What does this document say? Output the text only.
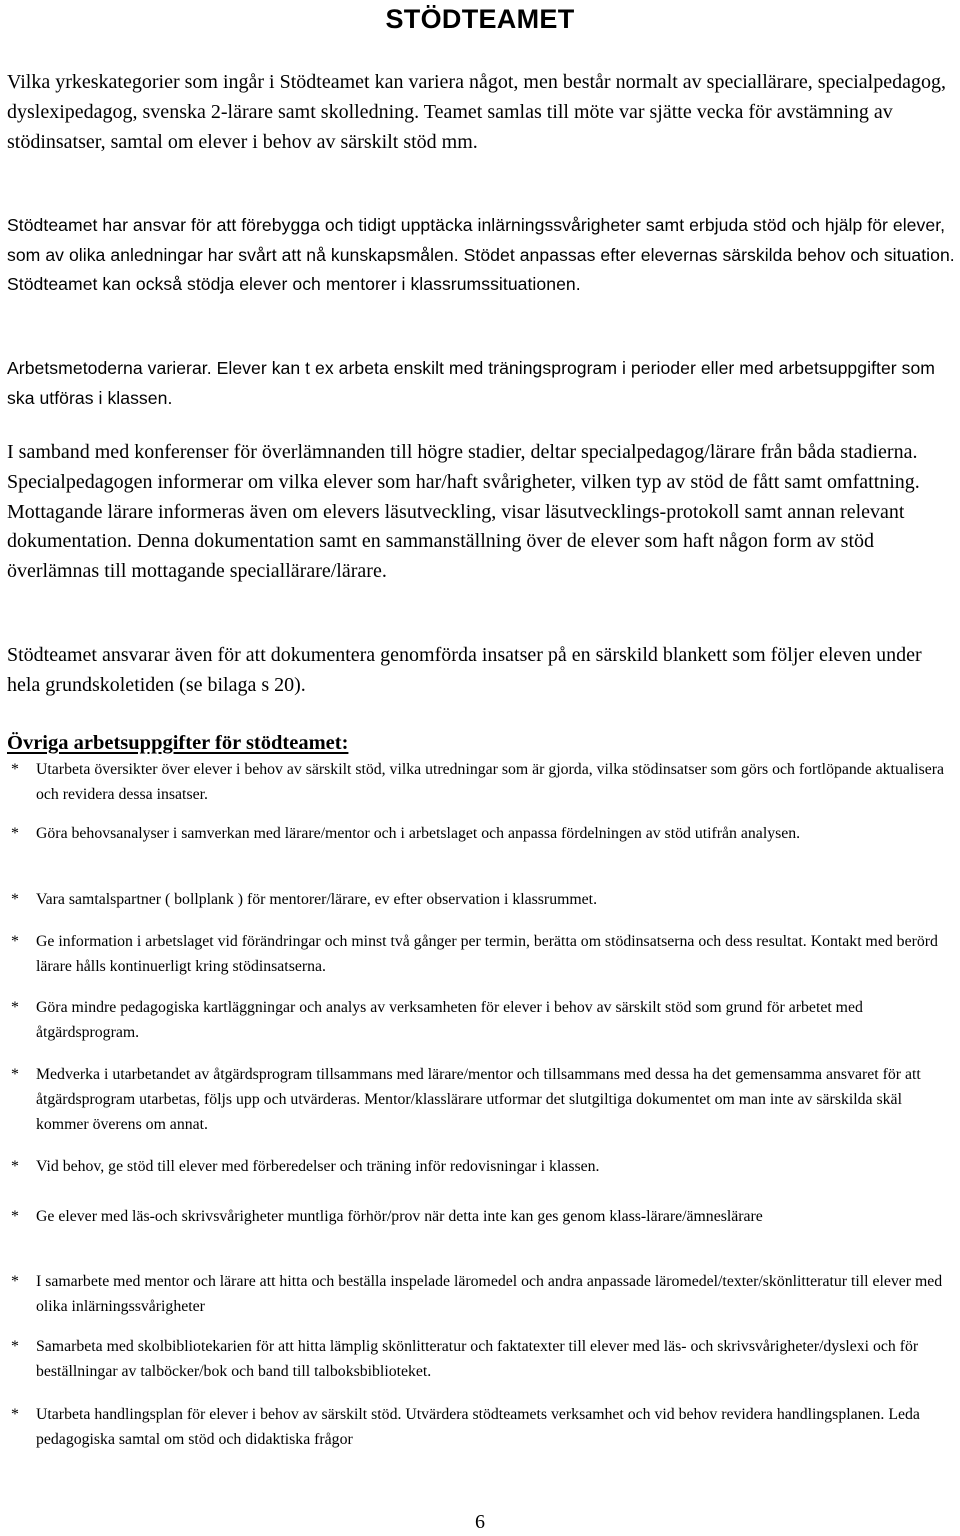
STÖDTEAMET

Vilka yrkeskategorier som ingår i Stödteamet kan variera något, men består normalt av speciallärare, specialpedagog, dyslexipedagog, svenska 2-lärare samt skolledning. Teamet samlas till möte var sjätte vecka för avstämning av stödinsatser, samtal om elever i behov av särskilt stöd mm.

Stödteamet har ansvar för att förebygga och tidigt upptäcka inlärningssvårigheter samt erbjuda stöd och hjälp för elever, som av olika anledningar har svårt att nå kunskapsmålen. Stödet anpassas efter elevernas särskilda behov och situation. Stödteamet kan också stödja elever och mentorer i klassrumssituationen.

Arbetsmetoderna varierar. Elever kan t ex arbeta enskilt med träningsprogram i perioder eller med arbetsuppgifter som ska utföras i klassen.

I samband med konferenser för överlämnanden till högre stadier, deltar specialpedagog/lärare från båda stadierna. Specialpedagogen informerar om vilka elever som har/haft svårigheter, vilken typ av stöd de fått samt omfattning. Mottagande lärare informeras även om elevers läsutveckling, visar läsutvecklings-protokoll samt annan relevant dokumentation. Denna dokumentation samt en sammanställning över de elever som haft någon form av stöd överlämnas till mottagande speciallärare/lärare.

Stödteamet ansvarar även för att dokumentera genomförda insatser på en särskild blankett som följer eleven under hela grundskoletiden (se bilaga s 20).

Övriga arbetsuppgifter för stödteamet:
*	Utarbeta översikter över elever i behov av särskilt stöd, vilka utredningar som är gjorda, vilka stödinsatser som görs och fortlöpande aktualisera och revidera dessa insatser.
*	Göra behovsanalyser i samverkan med lärare/mentor och i arbetslaget och anpassa fördelningen av stöd utifrån analysen.
*	Vara samtalspartner ( bollplank ) för mentorer/lärare, ev efter observation i klassrummet.
*	Ge information i arbetslaget vid förändringar och minst två gånger per termin, berätta om stödinsatserna och dess resultat. Kontakt med berörd lärare hålls kontinuerligt kring stödinsatserna.
*	Göra mindre pedagogiska kartläggningar och analys av verksamheten för elever i behov av särskilt stöd som grund för arbetet med åtgärdsprogram.
*	Medverka i utarbetandet av åtgärdsprogram tillsammans med lärare/mentor och tillsammans med dessa ha det gemensamma ansvaret för att åtgärdsprogram utarbetas, följs upp och utvärderas. Mentor/klasslärare utformar det slutgiltiga dokumentet om man inte av särskilda skäl kommer överens om annat.
*	Vid behov, ge stöd till elever med förberedelser och träning inför redovisningar i klassen.
*	Ge elever med läs-och skrivsvårigheter muntliga förhör/prov när detta inte kan ges genom klass-lärare/ämneslärare
*	I samarbete med mentor och lärare att hitta och beställa inspelade läromedel och andra anpassade läromedel/texter/skönlitteratur till elever med olika inlärningssvårigheter
*	Samarbeta med skolbibliotekarien för att hitta lämplig skönlitteratur och faktatexter till elever med läs- och skrivsvårigheter/dyslexi och för beställningar av talböcker/bok och band till talboksbiblioteket.
*	Utarbeta handlingsplan för elever i behov av särskilt stöd. Utvärdera stödteamets verksamhet och vid behov revidera handlingsplanen. Leda pedagogiska samtal om stöd och didaktiska frågor
6
